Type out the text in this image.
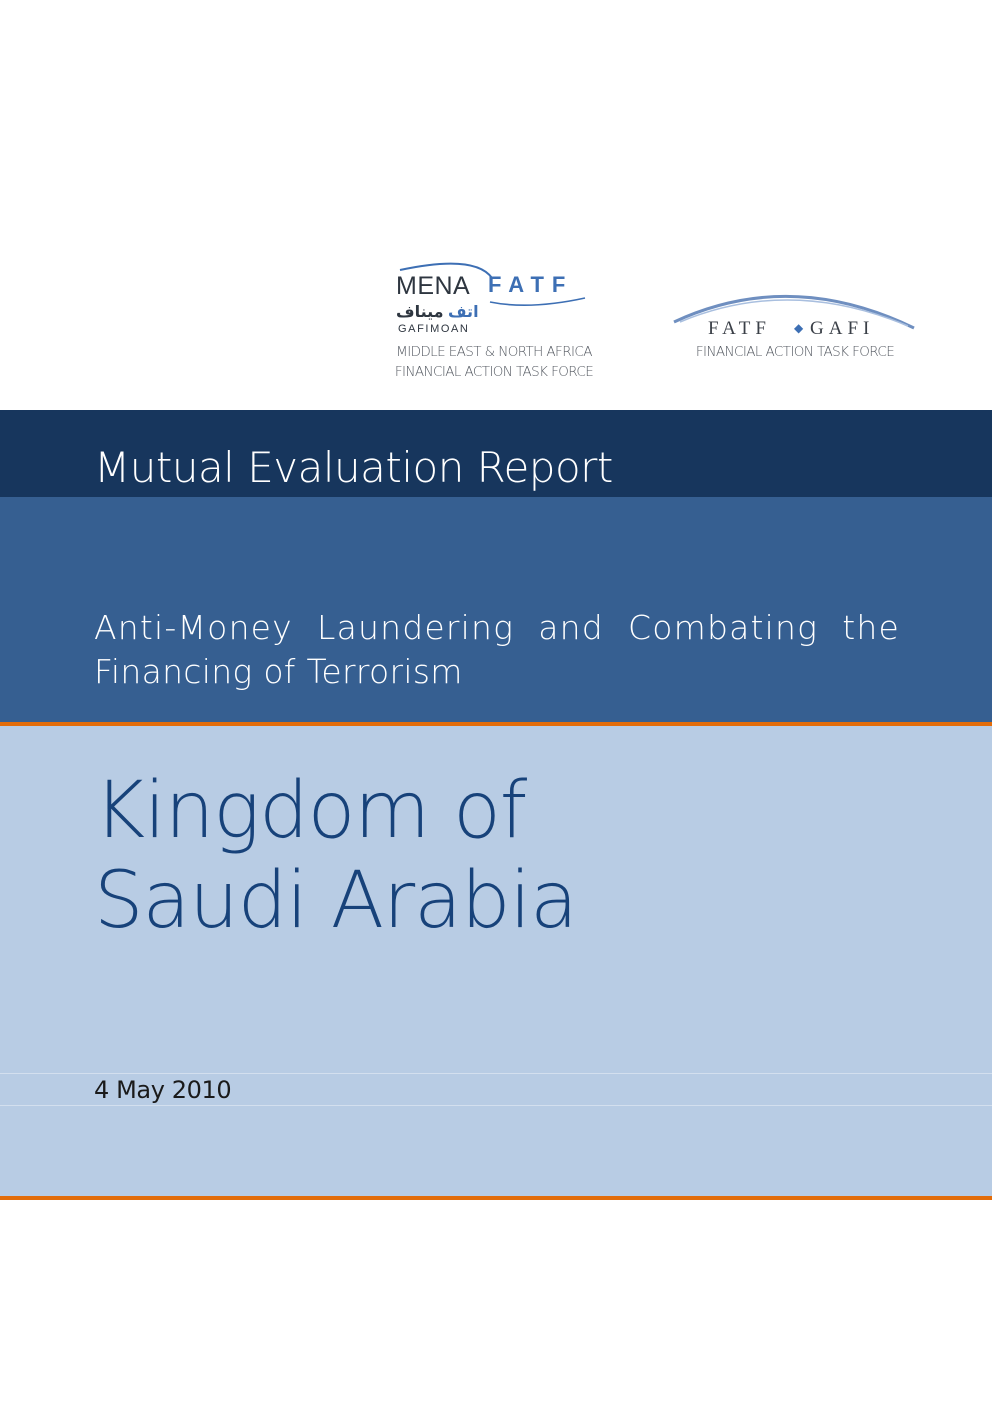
MENA FATF
ميناف اتف
GAFIMOAN	FATF ◆ GAFI
MIDDLE EAST & NORTH AFRICA
FINANCIAL ACTION TASK FORCE
FINANCIAL ACTION TASK FORCE
Mutual Evaluation Report
Anti-Money Laundering and Combating the
Financing of Terrorism
Kingdom of
Saudi Arabia
4 May 2010
